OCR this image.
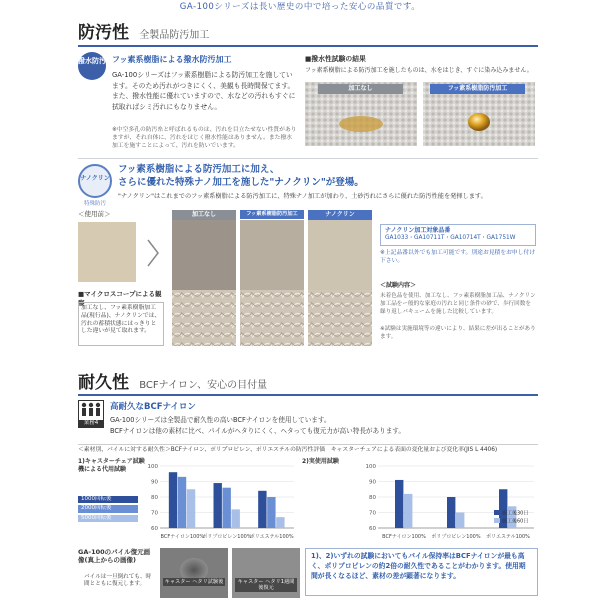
GA-100シリーズは長い歴史の中で培った安心の品質です。
防汚性 全製品防汚加工
撥水防汚 フッ素系樹脂による撥水防汚加工
GA-100シリーズはフッ素系樹脂による防汚加工を施しています。そのため汚れがつきにくく、美観も長時間保てます。また、撥水性能に優れていますので、水などの汚れもすぐに拭取ればシミ汚れにもなりません。
※中空多孔の防汚糸と呼ばれるものは、汚れを目立たせない性質がありますが、それ自体に、汚れをはじく撥水性能はありません。また撥水加工を施すことによって、汚れを防いでいます。
■撥水性試験の結果
フッ素系樹脂による防汚加工を施したものは、水をはじき、すぐに染み込みません。
加工なし	フッ素系樹脂防汚加工
ナノクリン
特殊防汚
フッ素系樹脂による防汚加工に加え、
さらに優れた特殊ナノ加工を施した"ナノクリン"が登場。
"ナノクリン"はこれまでのフッ素系樹脂による防汚加工に、特殊ナノ加工が加わり、土砂汚れにさらに優れた防汚性能を発揮します。
＜使用前＞	加工なし	フッ素系樹脂防汚加工	ナノクリン
ナノクリン加工対象品番
GA1033・GA10711T・GA10714T・GA1751W
※上記品番以外でも加工可能です。別途お見積をお申し付け下さい。
■マイクロスコープによる観察
加工なし、フッ素系樹脂加工品(現行品)、ナノクリンでは、汚れの蓄積状態にはっきりとした違いが見て取れます。
＜試験内容＞
未着色品を使用、加工なし、フッ素系樹脂加工品、ナノクリン加工品をー般的な家庭の汚れと同じ条件の砂で、歩行回数を繰り返しバキュームを施した比較しています。
※試験は実施環境等の違いにより、結果に差が出ることがあります。
耐久性 BCFナイロン、安心の目付量
業務4
高耐久なBCFナイロン
GA-100シリーズは全製品で耐久性の高いBCFナイロンを使用しています。
BCFナイロンは他の素材に比べ、パイルがヘタりにくく、ヘタっても復元力が高い特長があります。
＜素材別、パイルに対する耐久性＞BCFナイロン、ポリプロピレン、ポリエステルの防汚性評価　キャスターチェアによる表面の変化量および変化率(JIS L 4406)
1)キャスターチェア試験機による代用試験
1000回転後
2000回転後
5000回転後
60
70
80
90
100
BCFナイロン100%
ポリプロピレン100%
ポリエステル100%
2)実使用試験
60
70
80
90
100
BCFナイロン100% ポリプロピレン100% ポリエステル100%
施工後30日
施工後60日
GA-100のパイル復元画像(真上からの画像)
パイルは一旦倒れても、時間とともに復元します。	キャスター ヘタリ試験後	キャスター ヘタリ1週間後復元
1)、2)いずれの試験においてもパイル保持率はBCFナイロンが最も高く、ポリプロピレンの約2倍の耐久性であることがわかります。使用期間が長くなるほど、素材の差が顕著になります。
